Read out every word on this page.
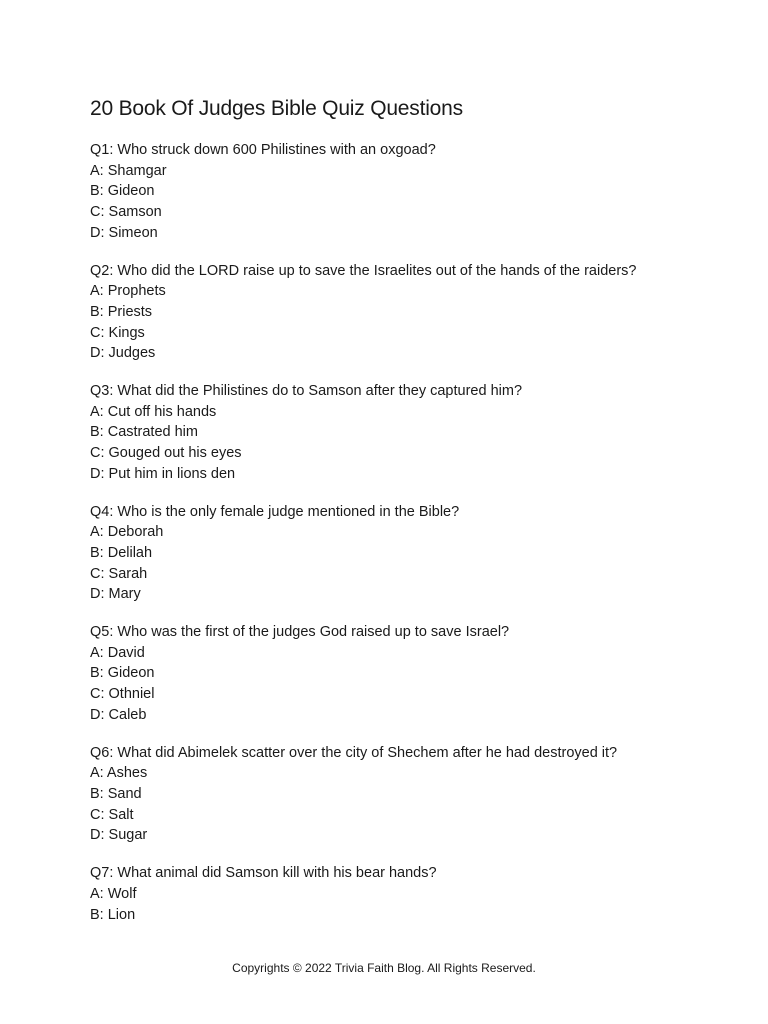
20 Book Of Judges Bible Quiz Questions
Q1: Who struck down 600 Philistines with an oxgoad?
A: Shamgar
B: Gideon
C: Samson
D: Simeon
Q2: Who did the LORD raise up to save the Israelites out of the hands of the raiders?
A: Prophets
B: Priests
C: Kings
D: Judges
Q3: What did the Philistines do to Samson after they captured him?
A: Cut off his hands
B: Castrated him
C: Gouged out his eyes
D: Put him in lions den
Q4: Who is the only female judge mentioned in the Bible?
A: Deborah
B: Delilah
C: Sarah
D: Mary
Q5: Who was the first of the judges God raised up to save Israel?
A: David
B: Gideon
C: Othniel
D: Caleb
Q6: What did Abimelek scatter over the city of Shechem after he had destroyed it?
A: Ashes
B: Sand
C: Salt
D: Sugar
Q7: What animal did Samson kill with his bear hands?
A: Wolf
B: Lion
Copyrights © 2022 Trivia Faith Blog. All Rights Reserved.
